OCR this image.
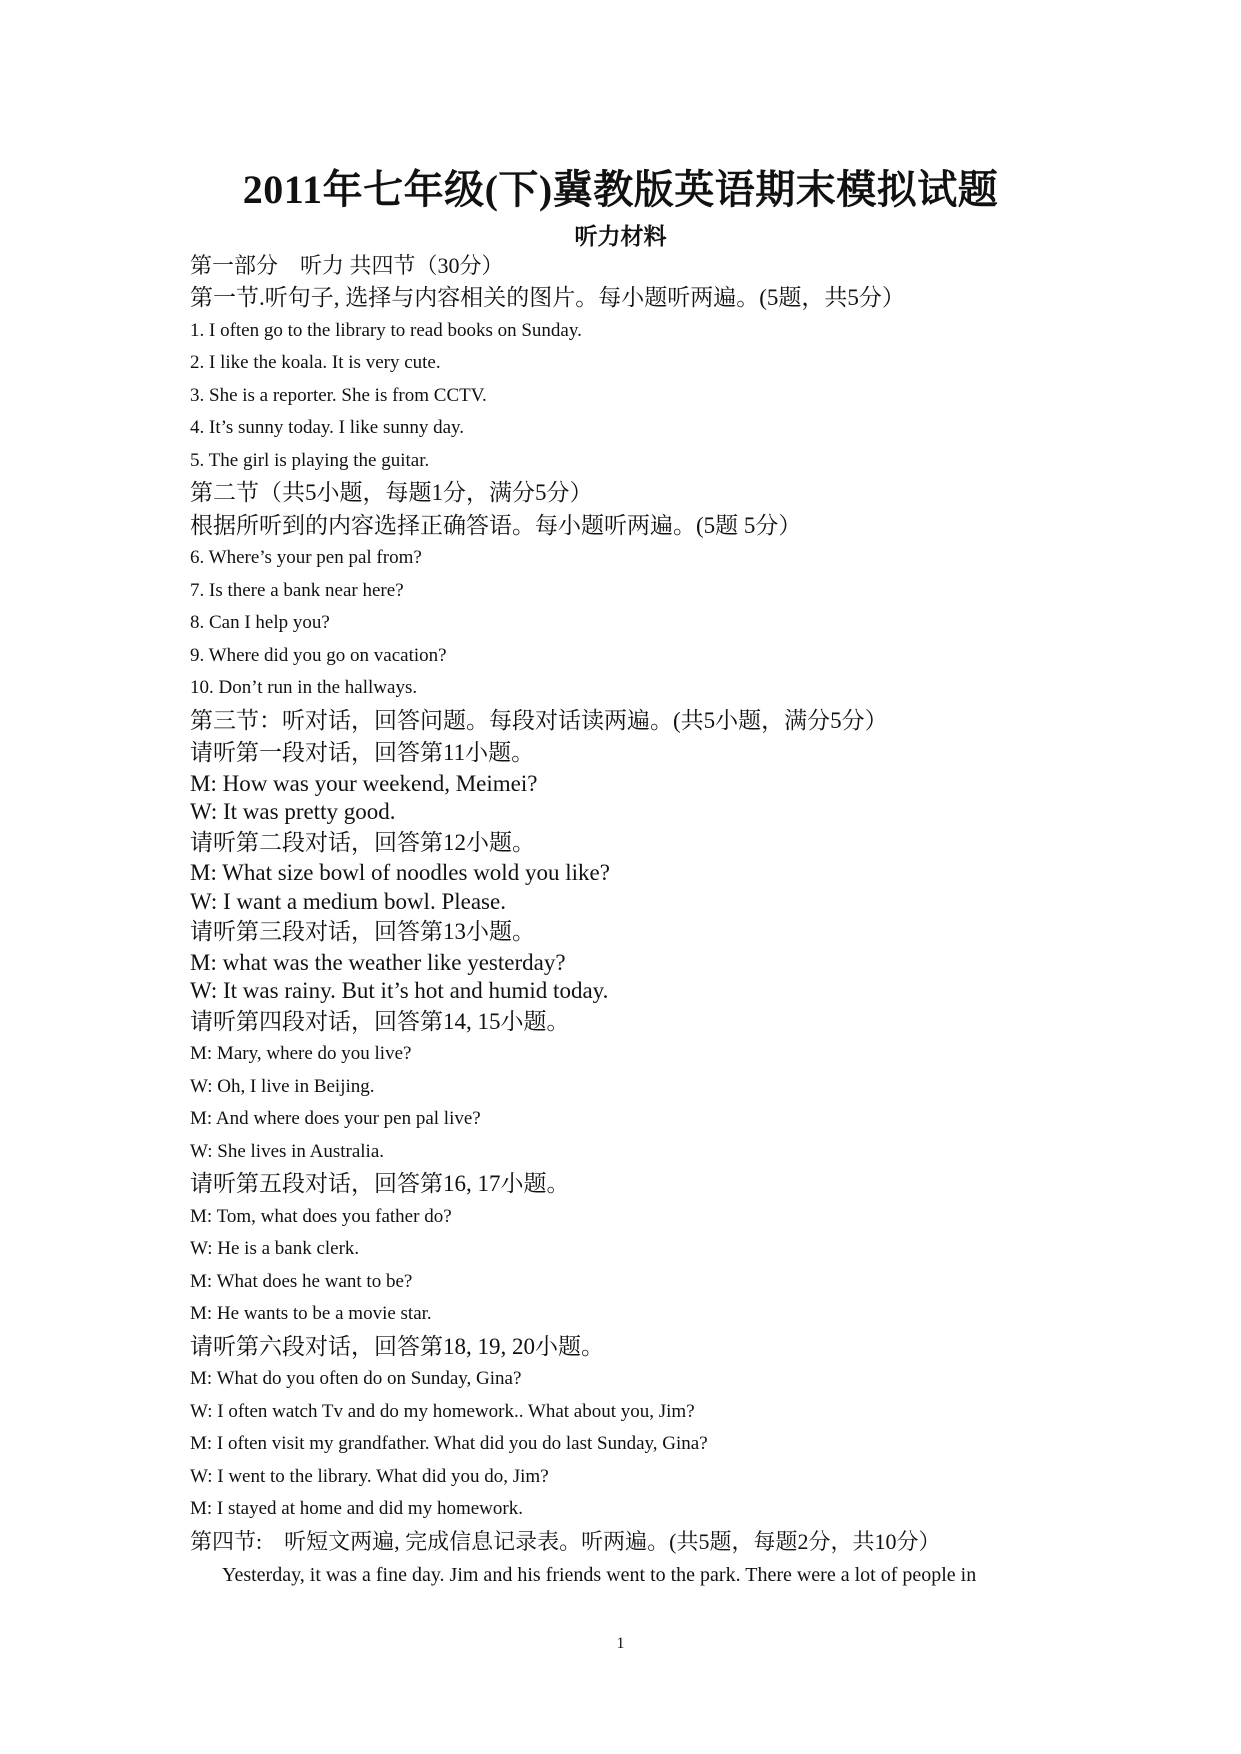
2011年七年级(下)冀教版英语期末模拟试题
听力材料
第一部分　听力 共四节（30分）
第一节.听句子, 选择与内容相关的图片。每小题听两遍。(5题，共5分）
1. I often go to the library to read books on Sunday.
2. I like the koala. It is very cute.
3. She is a reporter. She is from CCTV.
4. It’s sunny today. I like sunny day.
5. The girl is playing the guitar.
第二节（共5小题，每题1分，满分5分）
根据所听到的内容选择正确答语。每小题听两遍。(5题 5分）
6. Where’s your pen pal from?
7. Is there a bank near here?
8. Can I help you?
9. Where did you go on vacation?
10. Don’t run in the hallways.
第三节：听对话，回答问题。每段对话读两遍。(共5小题，满分5分）
请听第一段对话，回答第11小题。
M: How was your weekend, Meimei?
W: It was pretty good.
请听第二段对话，回答第12小题。
M: What size bowl of noodles wold you like?
W: I want a medium bowl. Please.
请听第三段对话，回答第13小题。
M: what was the weather like yesterday?
W: It was rainy. But it’s hot and humid today.
请听第四段对话，回答第14, 15小题。
M: Mary, where do you live?
W: Oh, I live in Beijing.
M: And where does your pen pal live?
W: She lives in Australia.
请听第五段对话，回答第16, 17小题。
M: Tom, what does you father do?
W: He is a bank clerk.
M: What does he want to be?
M: He wants to be a movie star.
请听第六段对话，回答第18, 19, 20小题。
M: What do you often do on Sunday, Gina?
W: I often watch Tv and do my homework.. What about you, Jim?
M: I often visit my grandfather. What did you do last Sunday, Gina?
W: I went to the library. What did you do, Jim?
M: I stayed at home and did my homework.
第四节:　听短文两遍, 完成信息记录表。听两遍。(共5题，每题2分，共10分）
Yesterday, it was a fine day. Jim and his friends went to the park. There were a lot of people in
1
